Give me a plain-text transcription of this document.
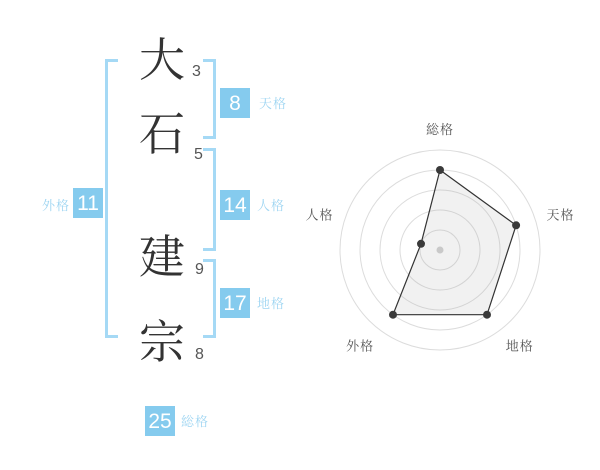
大
石
建
宗
3
5
9
8
8	天格
14 人格
17 地格
外格 11
25 総格
総格
天格
地格
外格
人格
